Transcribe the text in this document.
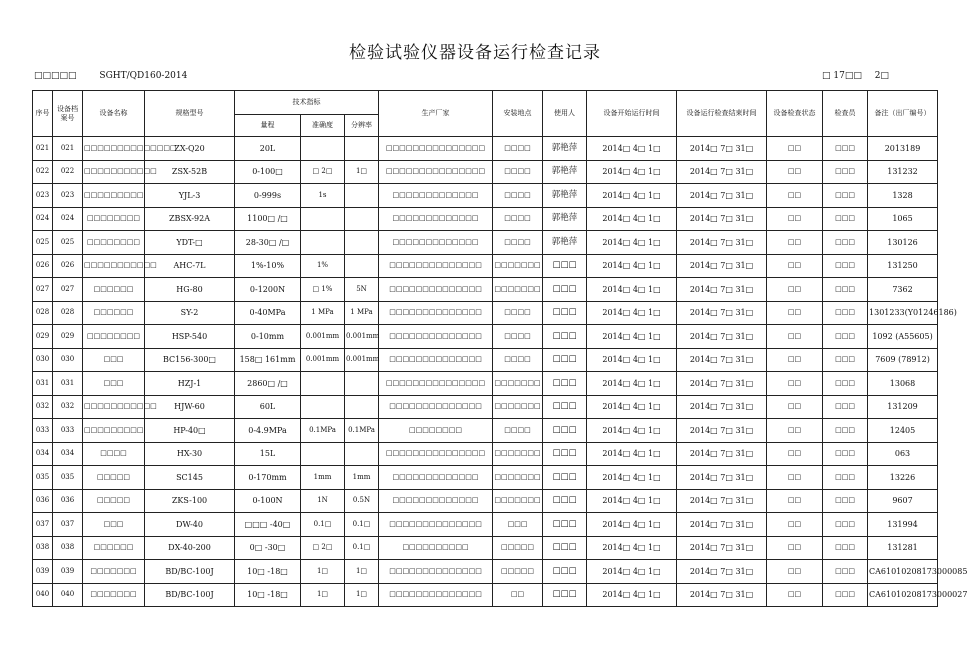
检验试验仪器设备运行检查记录
□□□□□	SGHT/QD160-2014	□ 17□□ 2□
序号	设备档案号	设备名称	规格型号	技术指标			生产厂家	安装地点	使用人	设备开始运行时间	设备运行检查结束时间	设备检查状态	检查员	备注（出厂编号）
				量程	准确度	分辨率								
021	021	□□□□□□□□□□□□□□	ZX-Q20	20L			□□□□□□□□□□□□□□□	□□□□	郭艳萍	2014□ 4□ 1□	2014□ 7□ 31□	□□	□□□	2013189
022	022	□□□□□□□□□□□	ZSX-52B	0-100□	□ 2□	1□	□□□□□□□□□□□□□□□	□□□□	郭艳萍	2014□ 4□ 1□	2014□ 7□ 31□	□□	□□□	131232
023	023	□□□□□□□□□	YJL-3	0-999s	1s		□□□□□□□□□□□□□	□□□□	郭艳萍	2014□ 4□ 1□	2014□ 7□ 31□	□□	□□□	1328
024	024	□□□□□□□□	ZBSX-92A	1100□ /□			□□□□□□□□□□□□□	□□□□	郭艳萍	2014□ 4□ 1□	2014□ 7□ 31□	□□	□□□	1065
025	025	□□□□□□□□	YDT-□	28-30□ /□			□□□□□□□□□□□□□	□□□□	郭艳萍	2014□ 4□ 1□	2014□ 7□ 31□	□□	□□□	130126
026	026	□□□□□□□□□□□	AHC-7L	1%-10%	1%		□□□□□□□□□□□□□□	□□□□□□□	□□□	2014□ 4□ 1□	2014□ 7□ 31□	□□	□□□	131250
027	027	□□□□□□	HG-80	0-1200N	□ 1%	5N	□□□□□□□□□□□□□□	□□□□□□□	□□□	2014□ 4□ 1□	2014□ 7□ 31□	□□	□□□	7362
028	028	□□□□□□	SY-2	0-40MPa	1 MPa	1 MPa	□□□□□□□□□□□□□□	□□□□	□□□	2014□ 4□ 1□	2014□ 7□ 31□	□□	□□□	1301233(Y01246186)
029	029	□□□□□□□□	HSP-540	0-10mm	0.001mm	0.001mm	□□□□□□□□□□□□□□	□□□□	□□□	2014□ 4□ 1□	2014□ 7□ 31□	□□	□□□	1092 (A55605)
030	030	□□□	BC156-300□	158□ 161mm	0.001mm	0.001mm	□□□□□□□□□□□□□□	□□□□	□□□	2014□ 4□ 1□	2014□ 7□ 31□	□□	□□□	7609 (78912)
031	031	□□□	HZJ-1	2860□ /□			□□□□□□□□□□□□□□□	□□□□□□□	□□□	2014□ 4□ 1□	2014□ 7□ 31□	□□	□□□	13068
032	032	□□□□□□□□□□□	HJW-60	60L			□□□□□□□□□□□□□□	□□□□□□□	□□□	2014□ 4□ 1□	2014□ 7□ 31□	□□	□□□	131209
033	033	□□□□□□□□□	HP-40□	0-4.9MPa	0.1MPa	0.1MPa	□□□□□□□□	□□□□	□□□	2014□ 4□ 1□	2014□ 7□ 31□	□□	□□□	12405
034	034	□□□□	HX-30	15L			□□□□□□□□□□□□□□□	□□□□□□□	□□□	2014□ 4□ 1□	2014□ 7□ 31□	□□	□□□	063
035	035	□□□□□	SC145	0-170mm	1mm	1mm	□□□□□□□□□□□□□	□□□□□□□	□□□	2014□ 4□ 1□	2014□ 7□ 31□	□□	□□□	13226
036	036	□□□□□	ZKS-100	0-100N	1N	0.5N	□□□□□□□□□□□□□	□□□□□□□	□□□	2014□ 4□ 1□	2014□ 7□ 31□	□□	□□□	9607
037	037	□□□	DW-40	□□□ -40□	0.1□	0.1□	□□□□□□□□□□□□□□	□□□	□□□	2014□ 4□ 1□	2014□ 7□ 31□	□□	□□□	131994
038	038	□□□□□□	DX-40-200	0□ -30□	□ 2□	0.1□	□□□□□□□□□□	□□□□□	□□□	2014□ 4□ 1□	2014□ 7□ 31□	□□	□□□	131281
039	039	□□□□□□□	BD/BC-100J	10□ -18□	1□	1□	□□□□□□□□□□□□□□	□□□□□	□□□	2014□ 4□ 1□	2014□ 7□ 31□	□□	□□□	CA61010208173000085
040	040	□□□□□□□	BD/BC-100J	10□ -18□	1□	1□	□□□□□□□□□□□□□□	□□	□□□	2014□ 4□ 1□	2014□ 7□ 31□	□□	□□□	CA61010208173000027
